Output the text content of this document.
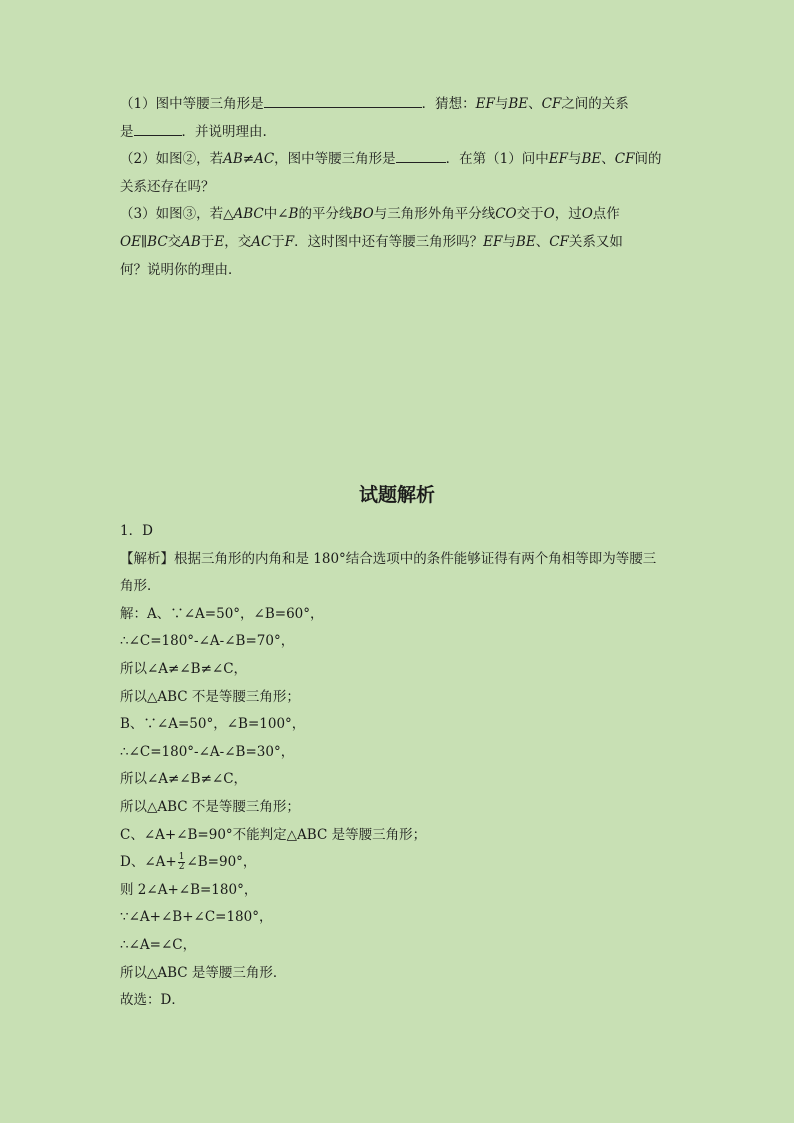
（1）图中等腰三角形是	．猜想：EF与BE、CF之间的关系
是	．并说明理由.
（2）如图②，若AB≠AC，图中等腰三角形是	．在第（1）问中EF与BE、CF间的
关系还存在吗？
（3）如图③，若△ABC中∠B的平分线BO与三角形外角平分线CO交于O，过O点作
OE∥BC交AB于E，交AC于F．这时图中还有等腰三角形吗？EF与BE、CF关系又如
何？说明你的理由．
试题解析
1．D
【解析】根据三角形的内角和是 180°结合选项中的条件能够证得有两个角相等即为等腰三
角形．
解：A、∵∠A=50°，∠B=60°，
∴∠C=180°-∠A-∠B=70°，
所以∠A≠∠B≠∠C，
所以△ABC 不是等腰三角形；
B、∵∠A=50°，∠B=100°，
∴∠C=180°-∠A-∠B=30°，
所以∠A≠∠B≠∠C，
所以△ABC 不是等腰三角形；
C、∠A+∠B=90°不能判定△ABC 是等腰三角形；
D、∠A+ $\frac{1}{2}$ ∠B=90°，
则 2∠A+∠B=180°，
∵∠A+∠B+∠C=180°，
∴∠A=∠C，
所以△ABC 是等腰三角形．
故选：D．
